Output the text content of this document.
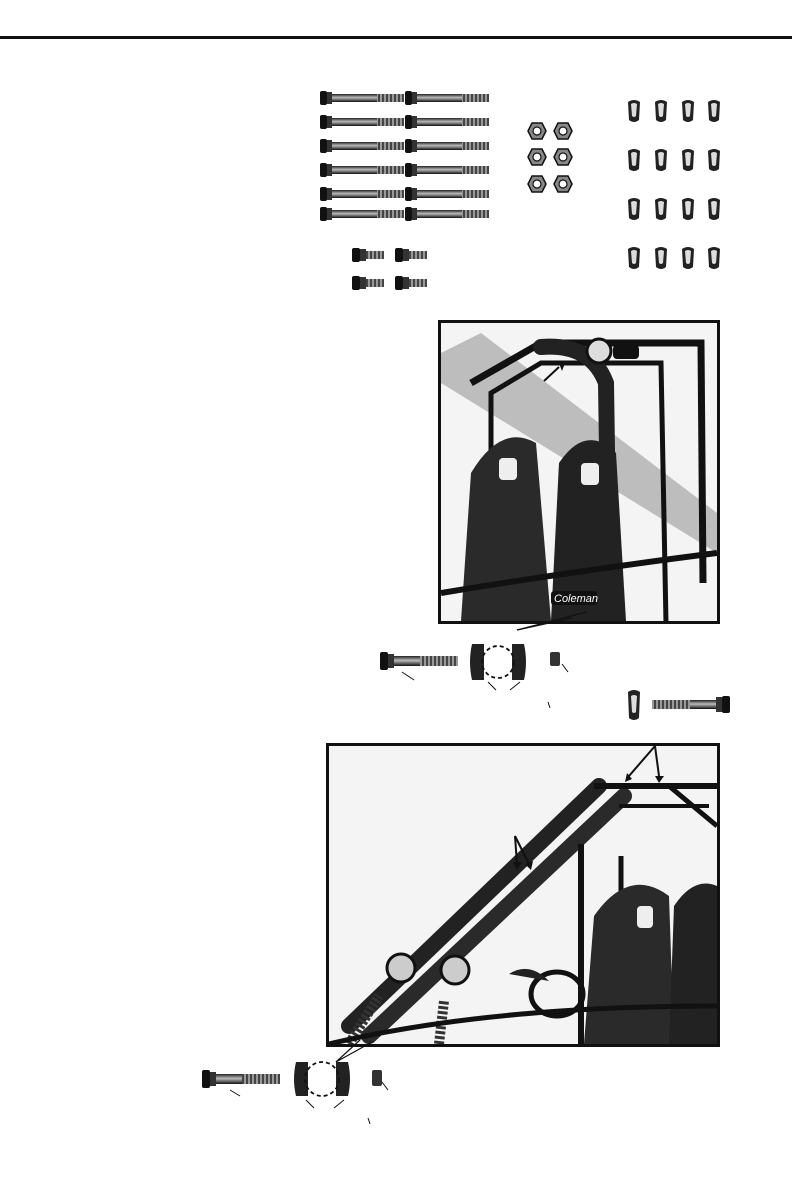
Coleman
